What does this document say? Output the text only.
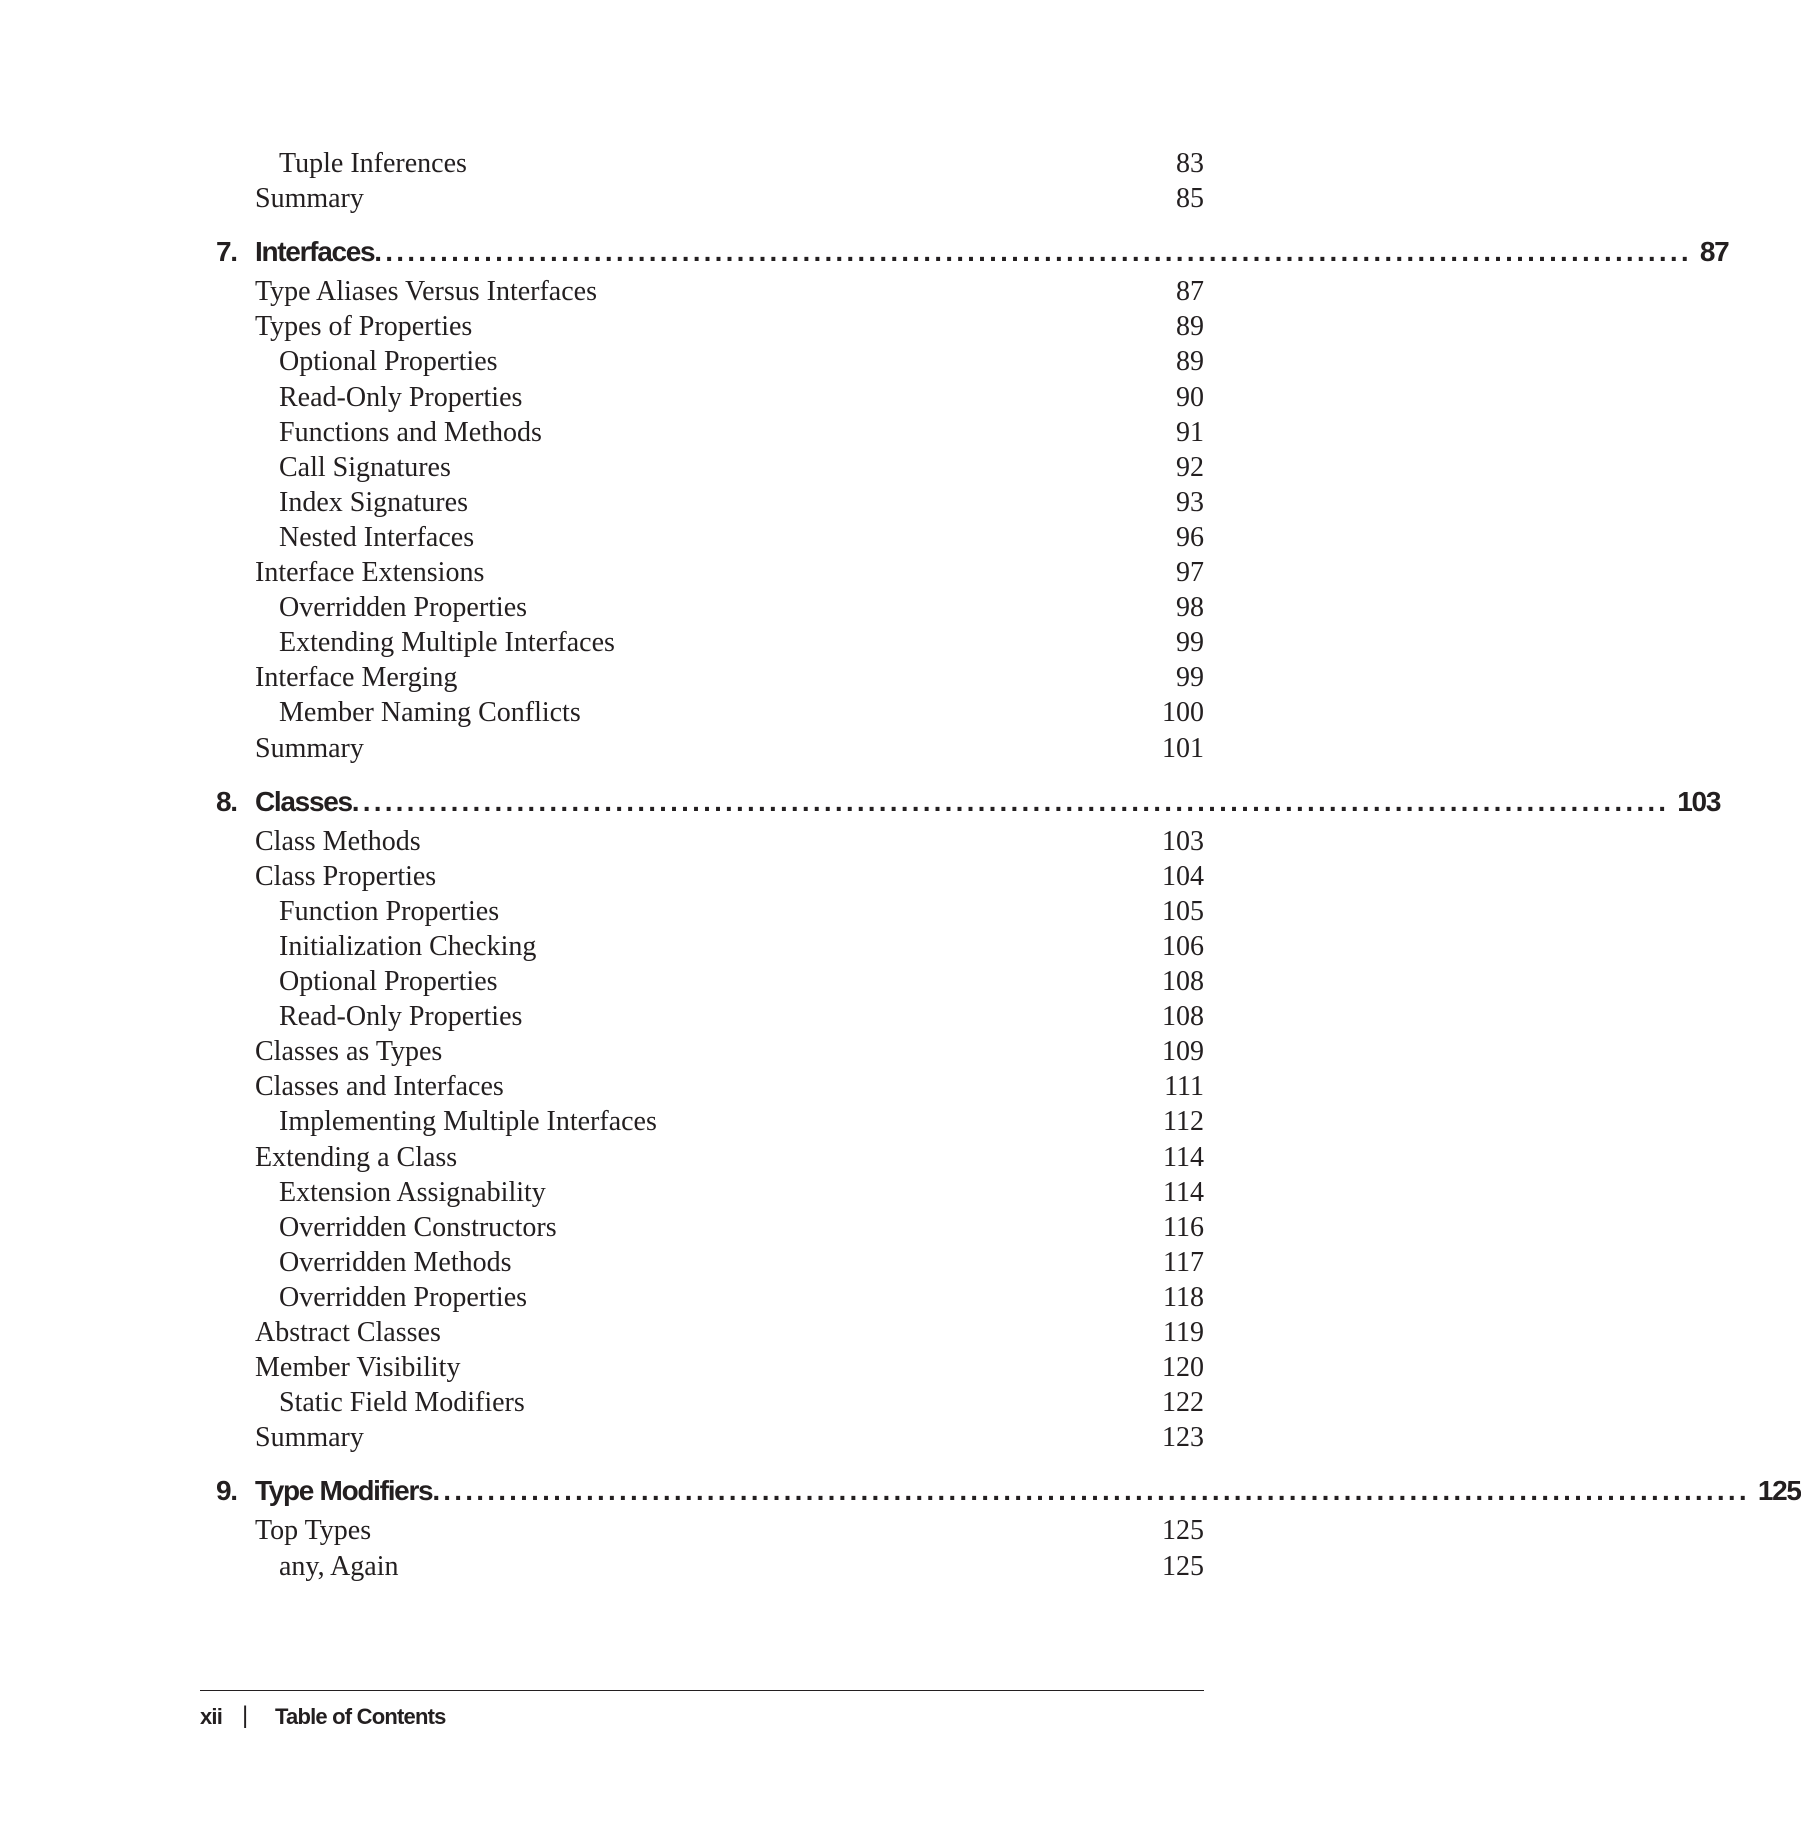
Tuple Inferences	83
Summary	85
7. Interfaces ........................................................................................................................ 87
Type Aliases Versus Interfaces	87
Types of Properties	89
Optional Properties	89
Read-Only Properties	90
Functions and Methods	91
Call Signatures	92
Index Signatures	93
Nested Interfaces	96
Interface Extensions	97
Overridden Properties	98
Extending Multiple Interfaces	99
Interface Merging	99
Member Naming Conflicts	100
Summary	101
8. Classes ........................................................................................................................ 103
Class Methods	103
Class Properties	104
Function Properties	105
Initialization Checking	106
Optional Properties	108
Read-Only Properties	108
Classes as Types	109
Classes and Interfaces	111
Implementing Multiple Interfaces	112
Extending a Class	114
Extension Assignability	114
Overridden Constructors	116
Overridden Methods	117
Overridden Properties	118
Abstract Classes	119
Member Visibility	120
Static Field Modifiers	122
Summary	123
9. Type Modifiers ........................................................................................................................ 125
Top Types	125
any, Again	125
xii | Table of Contents
